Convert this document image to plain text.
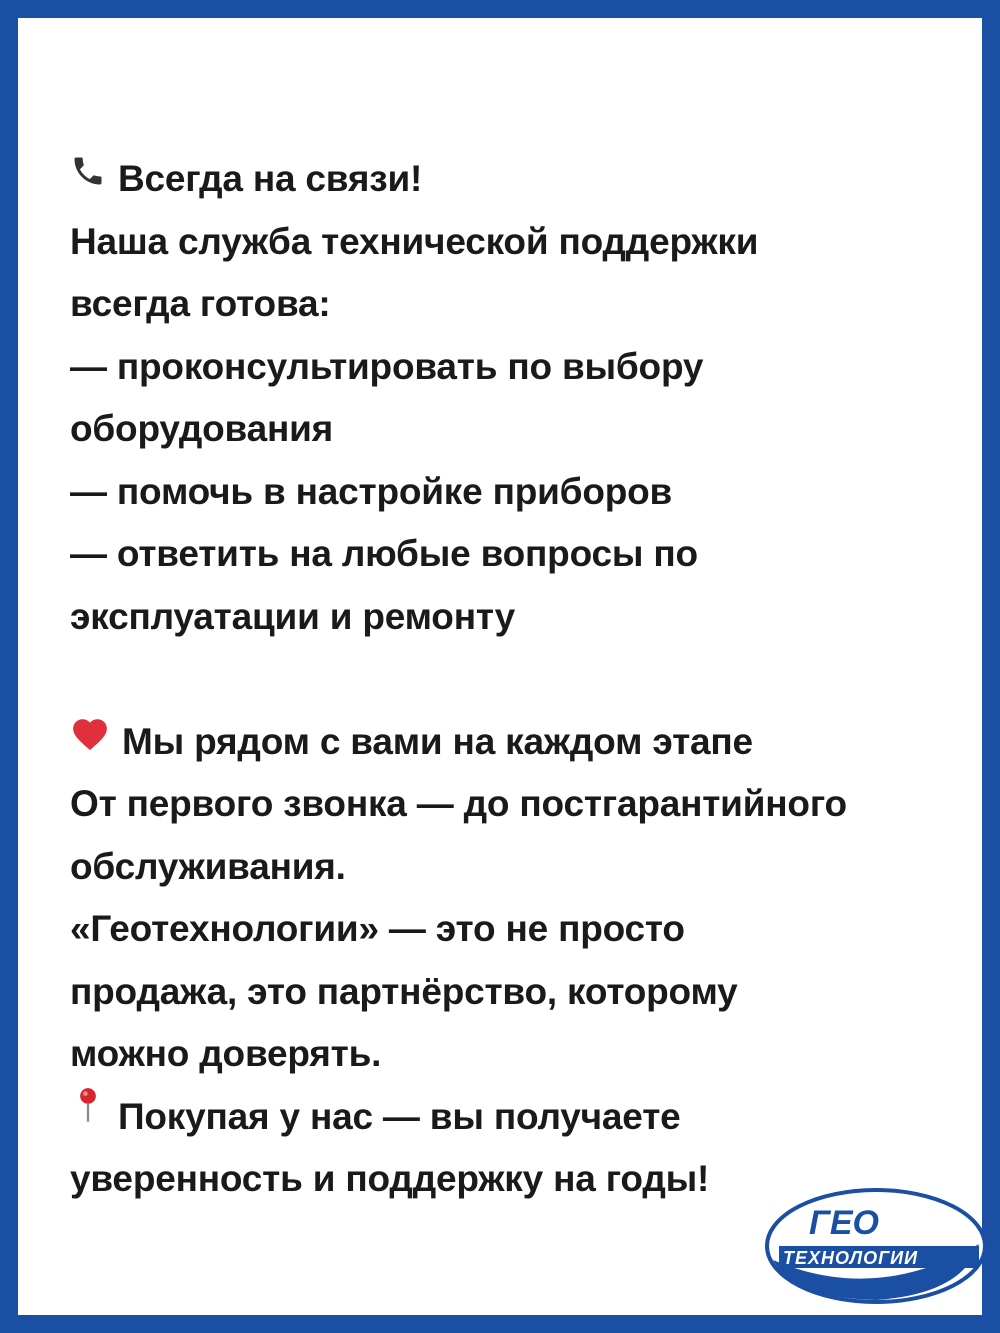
Всегда на связи!
Наша служба технической поддержки
всегда готова:
— проконсультировать по выбору
оборудования
— помочь в настройке приборов
— ответить на любые вопросы по
эксплуатации и ремонту
Мы рядом с вами на каждом этапе
От первого звонка — до постгарантийного
обслуживания.
«Геотехнологии» — это не просто
продажа, это партнёрство, которому
можно доверять.
Покупая у нас — вы получаете
уверенность и поддержку на годы!
ГЕО
ТЕХНОЛОГИИ
